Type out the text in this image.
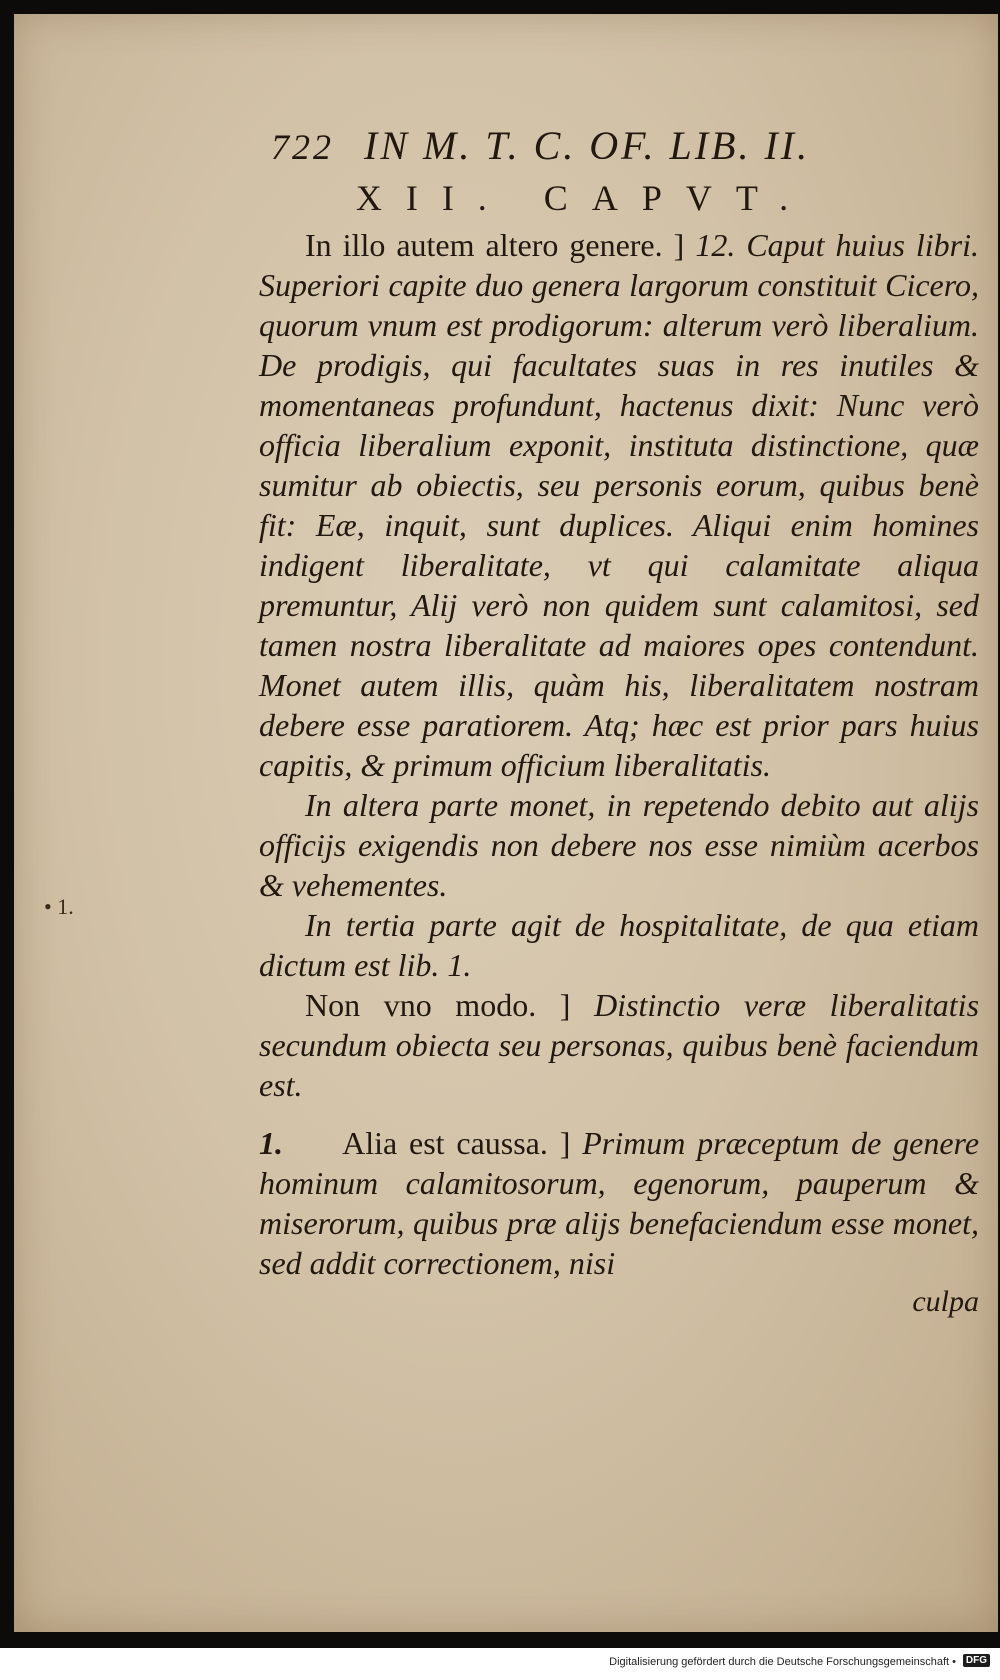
• 1.
722 IN M. T. C. OF. LIB. II.
XII. CAPVT.

In illo autem altero genere. ] 12. Caput huius libri. Superiori capite duo genera largorum constituit Cicero, quorum vnum est prodigorum: alterum verò liberalium. De prodigis, qui facultates suas in res inutiles & momentaneas profundunt, hactenus dixit: Nunc verò officia liberalium exponit, instituta distinctione, quæ sumitur ab obiectis, seu personis eorum, quibus benè fit: Eæ, inquit, sunt duplices. Aliqui enim homines indigent liberalitate, vt qui calamitate aliqua premuntur, Alij verò non quidem sunt calamitosi, sed tamen nostra liberalitate ad maiores opes contendunt. Monet autem illis, quàm his, liberalitatem nostram debere esse paratiorem. Atq; hæc est prior pars huius capitis, & primum officium liberalitatis.

In altera parte monet, in repetendo debito aut alijs officijs exigendis non debere nos esse nimiùm acerbos & vehementes.

In tertia parte agit de hospitalitate, de qua etiam dictum est lib. 1.

Non vno modo. ] Distinctio veræ liberalitatis secundum obiecta seu personas, quibus benè faciendum est.

1. Alia est caussa. ] Primum præceptum de genere hominum calamitosorum, egenorum, pauperum & miserorum, quibus præ alijs benefaciendum esse monet, sed addit correctionem, nisi

culpa
Digitalisierung gefördert durch die Deutsche Forschungsgemeinschaft • DFG
